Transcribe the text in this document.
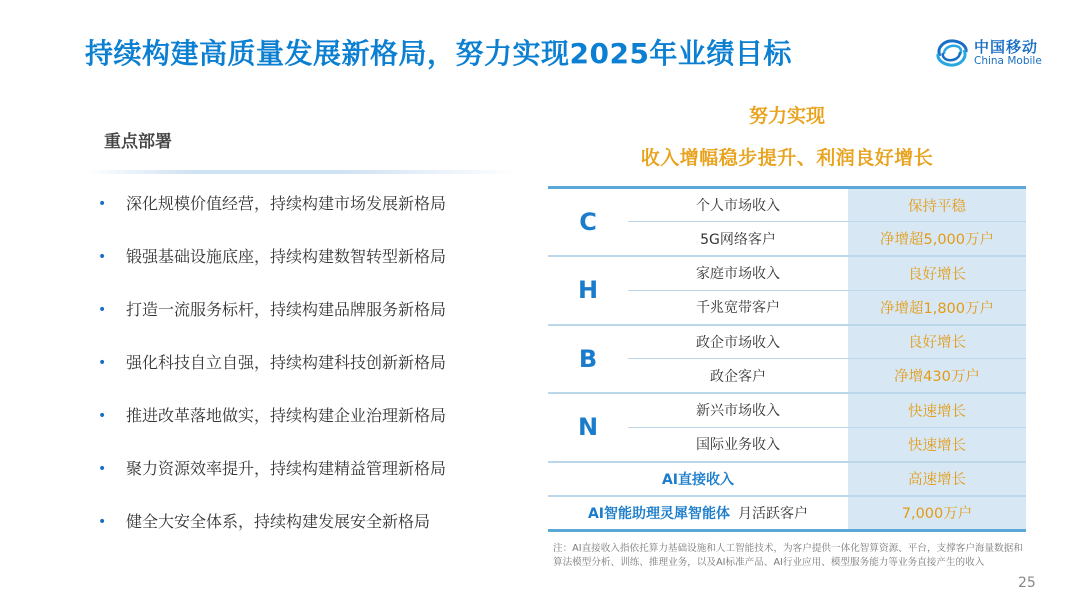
持续构建高质量发展新格局，努力实现2025年业绩目标	中国移动
China Mobile
重点部署
• 深化规模价值经营，持续构建市场发展新格局
• 锻强基础设施底座，持续构建数智转型新格局
• 打造一流服务标杆，持续构建品牌服务新格局
• 强化科技自立自强，持续构建科技创新新格局
• 推进改革落地做实，持续构建企业治理新格局
• 聚力资源效率提升，持续构建精益管理新格局
• 健全大安全体系，持续构建发展安全新格局
努力实现
收入增幅稳步提升、利润良好增长
C	个人市场收入	保持平稳
	5G网络客户	净增超5,000万户
H	家庭市场收入	良好增长
	千兆宽带客户	净增超1,800万户
B	政企市场收入	良好增长
	政企客户	净增430万户
N	新兴市场收入	快速增长
	国际业务收入	快速增长
AI直接收入		高速增长
AI智能助理灵犀智能体 月活跃客户		7,000万户
注：AI直接收入指依托算力基础设施和人工智能技术，为客户提供一体化智算资源、平台，支撑客户海量数据和算法模型分析、训练、推理业务，以及AI标准产品、AI行业应用、模型服务能力等业务直接产生的收入
25
